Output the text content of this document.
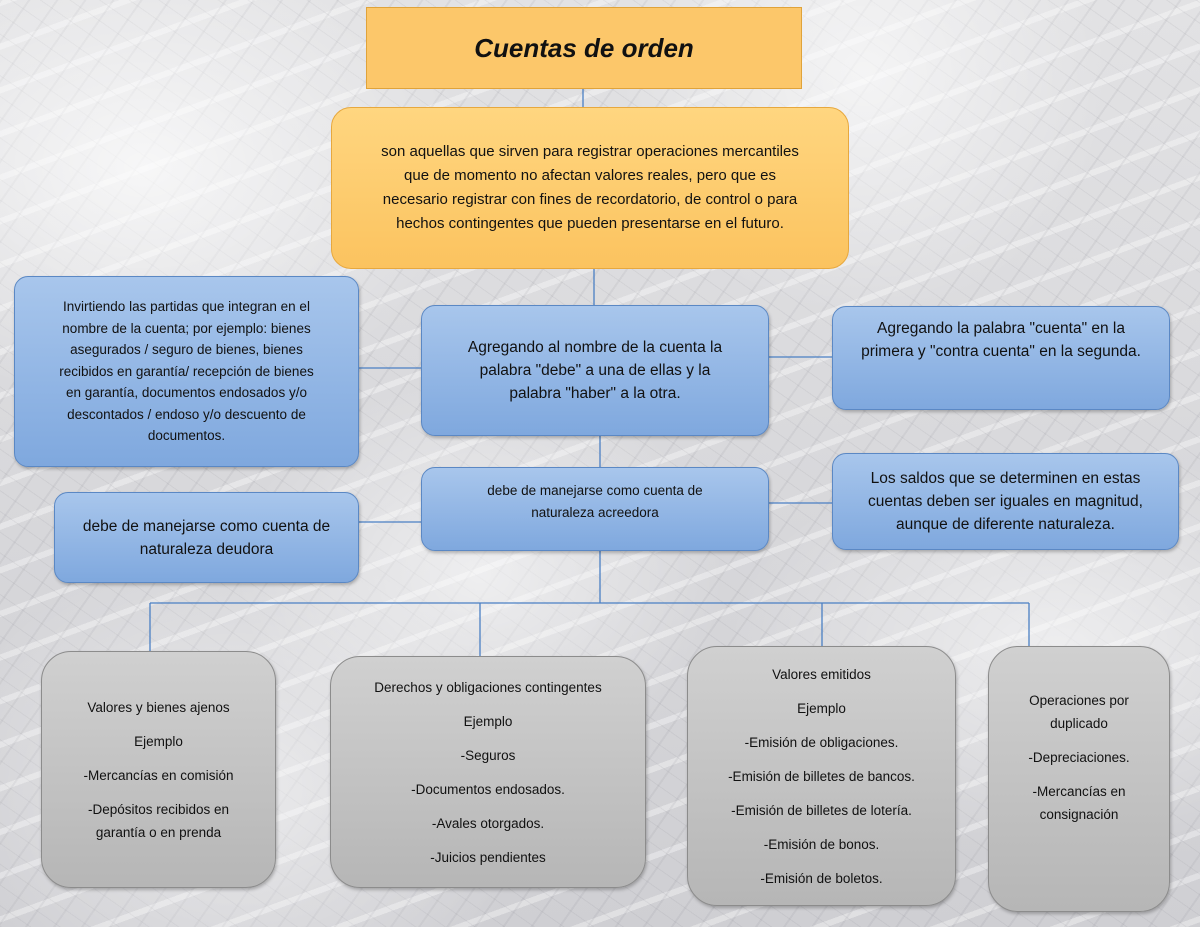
Cuentas de orden
son aquellas que sirven para registrar operaciones mercantiles
que de momento no afectan valores reales, pero que es
necesario registrar con fines de recordatorio, de control o para
hechos contingentes que pueden presentarse en el futuro.
Invirtiendo las partidas que integran en el
nombre de la cuenta; por ejemplo: bienes
asegurados / seguro de bienes, bienes
recibidos en garantía/ recepción de bienes
en garantía, documentos endosados y/o
descontados / endoso y/o descuento de
documentos.
Agregando al nombre de la cuenta la
palabra "debe" a una de ellas y la
palabra "haber" a la otra.
Agregando la palabra "cuenta" en la
primera y "contra cuenta" en la segunda.
debe de manejarse como cuenta de
naturaleza deudora
debe de manejarse como cuenta de
naturaleza acreedora
Los saldos que se determinen en estas
cuentas deben ser iguales en magnitud,
aunque de diferente naturaleza.

Valores y bienes ajenos

Ejemplo

-Mercancías en comisión

-Depósitos recibidos en

garantía o en prenda

Derechos y obligaciones contingentes

Ejemplo

-Seguros

-Documentos endosados.

-Avales otorgados.

-Juicios pendientes

Valores emitidos

Ejemplo

-Emisión de obligaciones.

-Emisión de billetes de bancos.

-Emisión de billetes de lotería.

-Emisión de bonos.

-Emisión de boletos.

Operaciones por

duplicado

-Depreciaciones.

-Mercancías en

consignación
